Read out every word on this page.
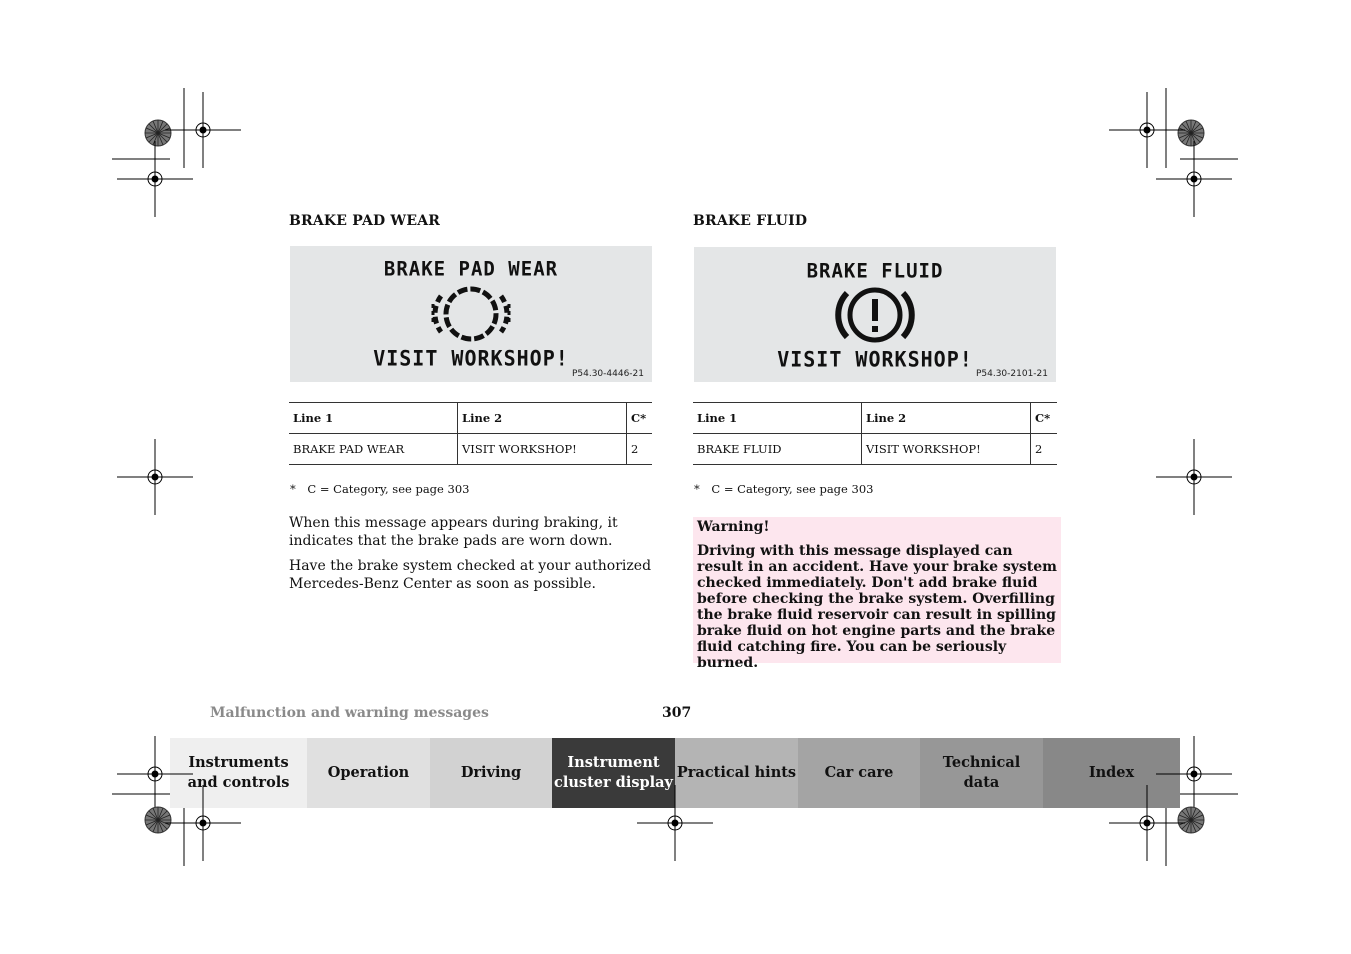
BRAKE PAD WEAR
BRAKE PAD WEAR
VISIT WORKSHOP!
P54.30-4446-21
Line 1	Line 2	C*
BRAKE PAD WEAR	VISIT WORKSHOP!	2
* C = Category, see page 303
When this message appears during braking, it indicates that the brake pads are worn down.
Have the brake system checked at your authorized Mercedes-Benz Center as soon as possible.
BRAKE FLUID
BRAKE FLUID
VISIT WORKSHOP!
P54.30-2101-21
Line 1	Line 2	C*
BRAKE FLUID	VISIT WORKSHOP!	2
* C = Category, see page 303
Warning!
Driving with this message displayed can result in an accident. Have your brake system checked immediately. Don't add brake fluid before checking the brake system. Overfilling the brake fluid reservoir can result in spilling brake fluid on hot engine parts and the brake fluid catching fire. You can be seriously burned.
Malfunction and warning messages	307
Instruments
and controls
Operation	Driving
Instrument
cluster display
Practical hints Car care
Technical
data
Index
